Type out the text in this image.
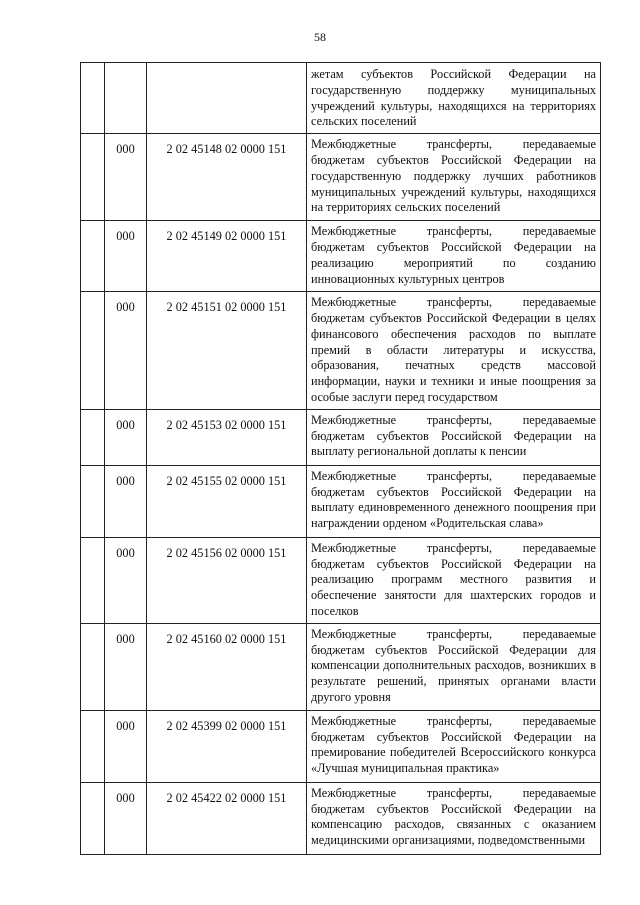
58
			жетам субъектов Российской Федерации на государственную поддержку муниципальных учреждений культуры, находящихся на территориях сельских поселений
	000	2 02 45148 02 0000 151	Межбюджетные трансферты, передаваемые бюджетам субъектов Российской Федерации на государственную поддержку лучших работников муниципальных учреждений культуры, находящихся на территориях сельских поселений
	000	2 02 45149 02 0000 151	Межбюджетные трансферты, передаваемые бюджетам субъектов Российской Федерации на реализацию мероприятий по созданию инновационных культурных центров
	000	2 02 45151 02 0000 151	Межбюджетные трансферты, передаваемые бюджетам субъектов Российской Федерации в целях финансового обеспечения расходов по выплате премий в области литературы и искусства, образования, печатных средств массовой информации, науки и техники и иные поощрения за особые заслуги перед государством
	000	2 02 45153 02 0000 151	Межбюджетные трансферты, передаваемые бюджетам субъектов Российской Федерации на выплату региональной доплаты к пенсии
	000	2 02 45155 02 0000 151	Межбюджетные трансферты, передаваемые бюджетам субъектов Российской Федерации на выплату единовременного денежного поощрения при награждении орденом «Родительская слава»
	000	2 02 45156 02 0000 151	Межбюджетные трансферты, передаваемые бюджетам субъектов Российской Федерации на реализацию программ местного развития и обеспечение занятости для шахтерских городов и поселков
	000	2 02 45160 02 0000 151	Межбюджетные трансферты, передаваемые бюджетам субъектов Российской Федерации для компенсации дополнительных расходов, возникших в результате решений, принятых органами власти другого уровня
	000	2 02 45399 02 0000 151	Межбюджетные трансферты, передаваемые бюджетам субъектов Российской Федерации на премирование победителей Всероссийского конкурса «Лучшая муниципальная практика»
	000	2 02 45422 02 0000 151	Межбюджетные трансферты, передаваемые бюджетам субъектов Российской Федерации на компенсацию расходов, связанных с оказанием медицинскими организациями, подведомственными
